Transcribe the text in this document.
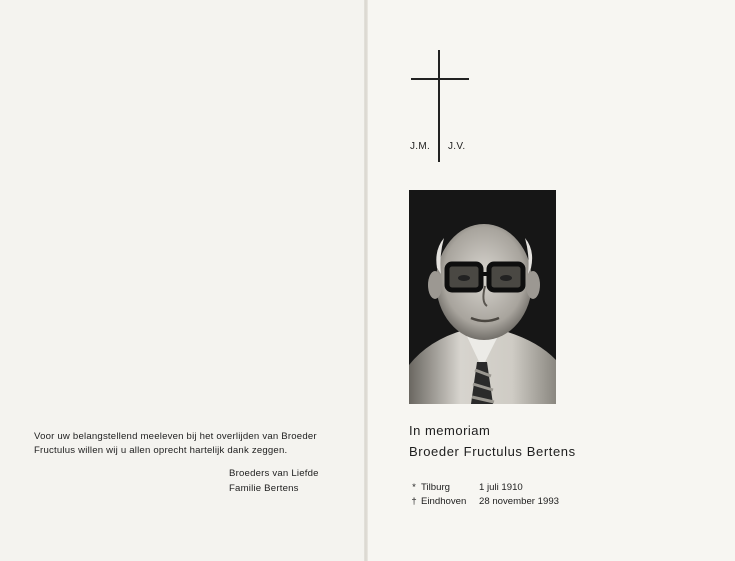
Voor uw belangstellend meeleven bij het overlijden van Broeder
Fructulus willen wij u allen oprecht hartelijk dank zeggen.
Broeders van Liefde
Familie Bertens
J.M. J.V.
In memoriam
Broeder Fructulus Bertens
* Tilburg	1 juli 1910
† Eindhoven 28 november 1993
